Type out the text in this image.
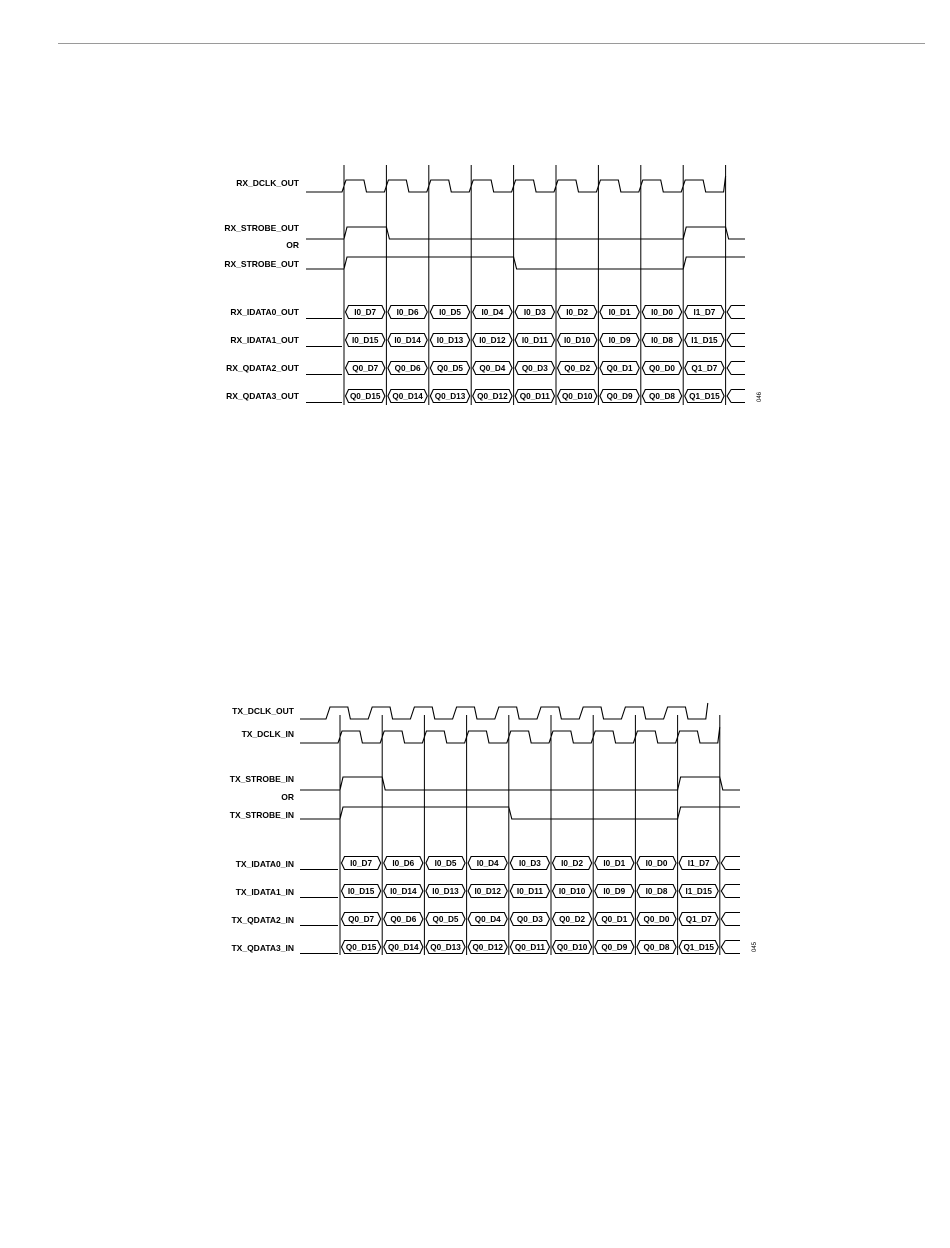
I0_D7	I0_D6	I0_D5	I0_D4	I0_D3	I0_D2	I0_D1	I0_D0	I1_D7
I0_D15 I0_D14 I0_D13 I0_D12 I0_D11 I0_D10 I0_D9	I0_D8 I1_D15
Q0_D7 Q0_D6 Q0_D5 Q0_D4 Q0_D3 Q0_D2 Q0_D1 Q0_D0 Q1_D7
Q0_D15 Q0_D14 Q0_D13 Q0_D12 Q0_D11 Q0_D10 Q0_D9 Q0_D8 Q1_D15
RX_DCLK_OUT
RX_STROBE_OUT
OR
RX_STROBE_OUT
RX_IDATA0_OUT
RX_IDATA1_OUT
RX_QDATA2_OUT
RX_QDATA3_OUT	046
I0_D7 I0_D6 I0_D5 I0_D4 I0_D3 I0_D2 I0_D1 I0_D0 I1_D7
I0_D15 I0_D14 I0_D13 I0_D12 I0_D11 I0_D10 I0_D9 I0_D8 I1_D15
Q0_D7 Q0_D6 Q0_D5 Q0_D4 Q0_D3 Q0_D2 Q0_D1 Q0_D0 Q1_D7
Q0_D15 Q0_D14 Q0_D13 Q0_D12 Q0_D11 Q0_D10 Q0_D9 Q0_D8 Q1_D15
TX_DCLK_OUT
TX_DCLK_IN
TX_STROBE_IN
OR
TX_STROBE_IN
TX_IDATA0_IN
TX_IDATA1_IN
TX_QDATA2_IN
TX_QDATA3_IN	045
